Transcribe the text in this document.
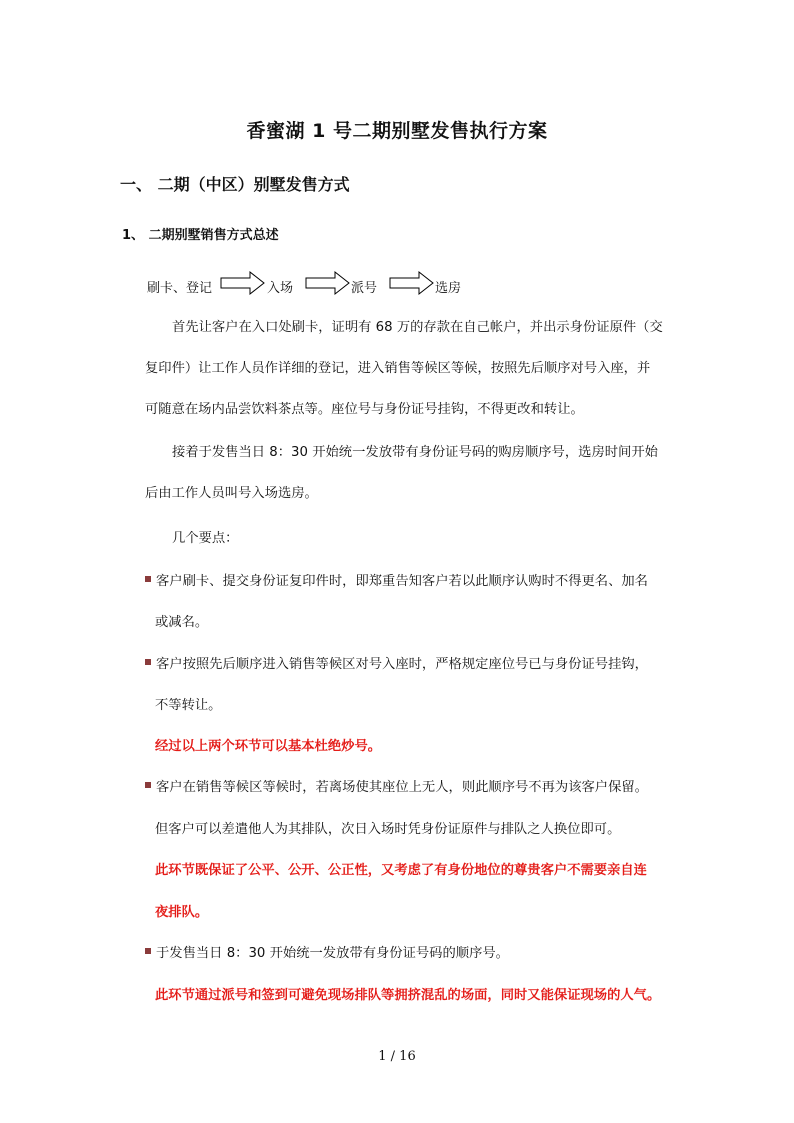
香蜜湖 1 号二期别墅发售执行方案
一、 二期（中区）别墅发售方式
1、 二期别墅销售方式总述
刷卡、登记	入场	派号	选房
首先让客户在入口处刷卡，证明有 68 万的存款在自己帐户，并出示身份证原件（交
复印件）让工作人员作详细的登记，进入销售等候区等候，按照先后顺序对号入座，并
可随意在场内品尝饮料茶点等。座位号与身份证号挂钩，不得更改和转让。
接着于发售当日 8：30 开始统一发放带有身份证号码的购房顺序号，选房时间开始
后由工作人员叫号入场选房。
几个要点：
客户刷卡、提交身份证复印件时，即郑重告知客户若以此顺序认购时不得更名、加名
或减名。
客户按照先后顺序进入销售等候区对号入座时，严格规定座位号已与身份证号挂钩，
不等转让。
经过以上两个环节可以基本杜绝炒号。
客户在销售等候区等候时，若离场使其座位上无人，则此顺序号不再为该客户保留。
但客户可以差遣他人为其排队，次日入场时凭身份证原件与排队之人换位即可。
此环节既保证了公平、公开、公正性，又考虑了有身份地位的尊贵客户不需要亲自连
夜排队。
于发售当日 8：30 开始统一发放带有身份证号码的顺序号。
此环节通过派号和签到可避免现场排队等拥挤混乱的场面，同时又能保证现场的人气。
1 / 16
